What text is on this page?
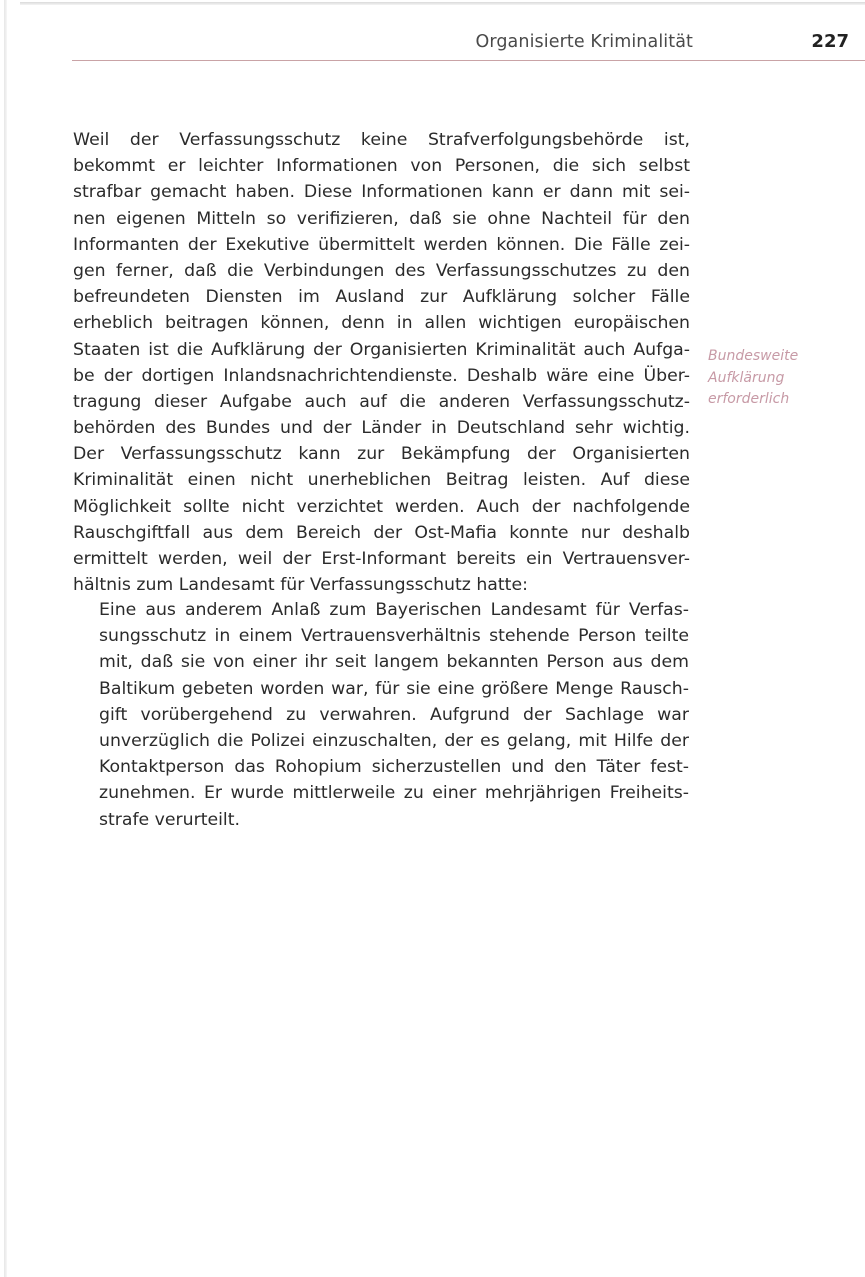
Organisierte Kriminalität	227
Weil der Verfassungsschutz keine Strafverfolgungsbehörde ist,
bekommt er leichter Informationen von Personen, die sich selbst
strafbar gemacht haben. Diese Informationen kann er dann mit sei-
nen eigenen Mitteln so verifizieren, daß sie ohne Nachteil für den
Informanten der Exekutive übermittelt werden können. Die Fälle zei-
gen ferner, daß die Verbindungen des Verfassungsschutzes zu den
befreundeten Diensten im Ausland zur Aufklärung solcher Fälle
erheblich beitragen können, denn in allen wichtigen europäischen
Staaten ist die Aufklärung der Organisierten Kriminalität auch Aufga-
be der dortigen Inlandsnachrichtendienste. Deshalb wäre eine Über-
tragung dieser Aufgabe auch auf die anderen Verfassungsschutz-
behörden des Bundes und der Länder in Deutschland sehr wichtig.
Der Verfassungsschutz kann zur Bekämpfung der Organisierten
Kriminalität einen nicht unerheblichen Beitrag leisten. Auf diese
Möglichkeit sollte nicht verzichtet werden. Auch der nachfolgende
Rauschgiftfall aus dem Bereich der Ost-Mafia konnte nur deshalb
ermittelt werden, weil der Erst-Informant bereits ein Vertrauensver-
hältnis zum Landesamt für Verfassungsschutz hatte:
Bundesweite
Aufklärung
erforderlich
Eine aus anderem Anlaß zum Bayerischen Landesamt für Verfas-
sungsschutz in einem Vertrauensverhältnis stehende Person teilte
mit, daß sie von einer ihr seit langem bekannten Person aus dem
Baltikum gebeten worden war, für sie eine größere Menge Rausch-
gift vorübergehend zu verwahren. Aufgrund der Sachlage war
unverzüglich die Polizei einzuschalten, der es gelang, mit Hilfe der
Kontaktperson das Rohopium sicherzustellen und den Täter fest-
zunehmen. Er wurde mittlerweile zu einer mehrjährigen Freiheits-
strafe verurteilt.
